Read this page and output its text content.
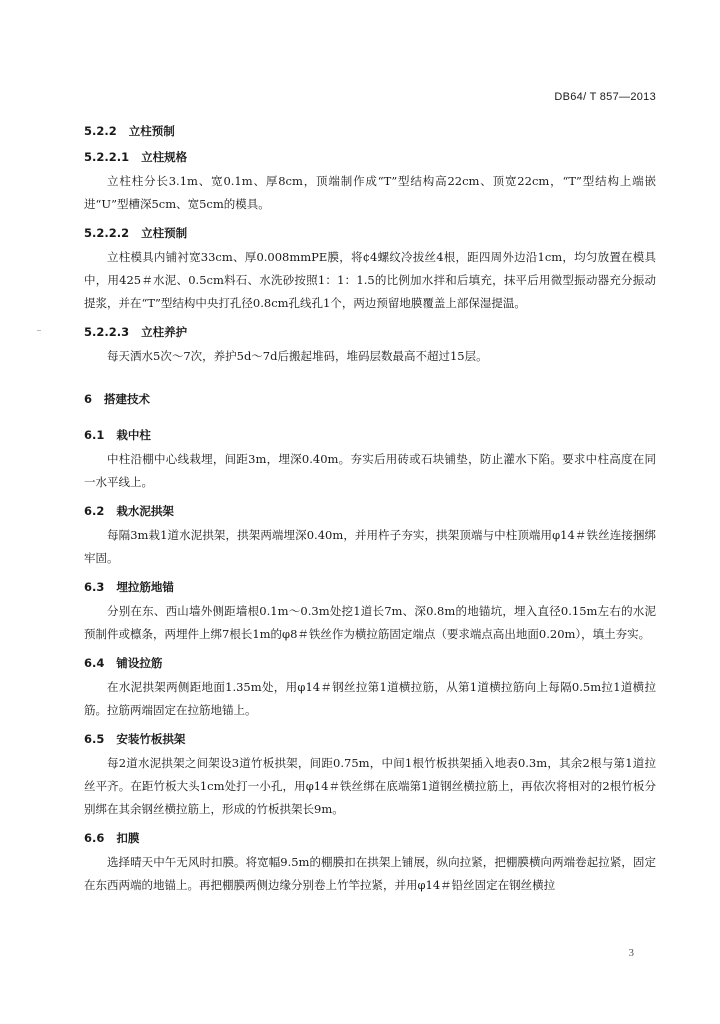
DB64/ T 857—2013
5.2.2 立柱预制
5.2.2.1 立柱规格

立柱柱分长3.1m、宽0.1m、厚8cm，顶端制作成“T”型结构高22cm、顶宽22cm，“T”型结构上端嵌进“U”型槽深5cm、宽5cm的模具。

5.2.2.2 立柱预制

立柱模具内铺衬宽33cm、厚0.008mmPE膜，将¢4螺纹冷拔丝4根，距四周外边沿1cm，均匀放置在模具中，用425＃水泥、0.5cm料石、水洗砂按照1：1：1.5的比例加水拌和后填充，抹平后用微型振动器充分振动提浆，并在“T”型结构中央打孔径0.8cm孔线孔1个，两边预留地膜覆盖上部保湿提温。

5.2.2.3 立柱养护

每天洒水5次～7次，养护5d～7d后搬起堆码，堆码层数最高不超过15层。

6 搭建技术
6.1 栽中柱

中柱沿棚中心线栽埋，间距3m，埋深0.40m。夯实后用砖或石块铺垫，防止灌水下陷。要求中柱高度在同一水平线上。

6.2 栽水泥拱架

每隔3m栽1道水泥拱架，拱架两端埋深0.40m，并用杵子夯实，拱架顶端与中柱顶端用φ14＃铁丝连接捆绑牢固。

6.3 埋拉筋地锚

分别在东、西山墙外侧距墙根0.1m～0.3m处挖1道长7m、深0.8m的地锚坑，埋入直径0.15m左右的水泥预制件或檩条，两埋件上绑7根长1m的φ8＃铁丝作为横拉筋固定端点（要求端点高出地面0.20m），填土夯实。

6.4 铺设拉筋

在水泥拱架两侧距地面1.35m处，用φ14＃钢丝拉第1道横拉筋，从第1道横拉筋向上每隔0.5m拉1道横拉筋。拉筋两端固定在拉筋地锚上。

6.5 安装竹板拱架

每2道水泥拱架之间架设3道竹板拱架，间距0.75m，中间1根竹板拱架插入地表0.3m，其余2根与第1道拉丝平齐。在距竹板大头1cm处打一小孔，用φ14＃铁丝绑在底端第1道钢丝横拉筋上，再依次将相对的2根竹板分别绑在其余钢丝横拉筋上，形成的竹板拱架长9m。

6.6 扣膜

选择晴天中午无风时扣膜。将宽幅9.5m的棚膜扣在拱架上铺展，纵向拉紧，把棚膜横向两端卷起拉紧，固定在东西两端的地锚上。再把棚膜两侧边缘分别卷上竹竿拉紧，并用φ14＃铅丝固定在钢丝横拉

3
